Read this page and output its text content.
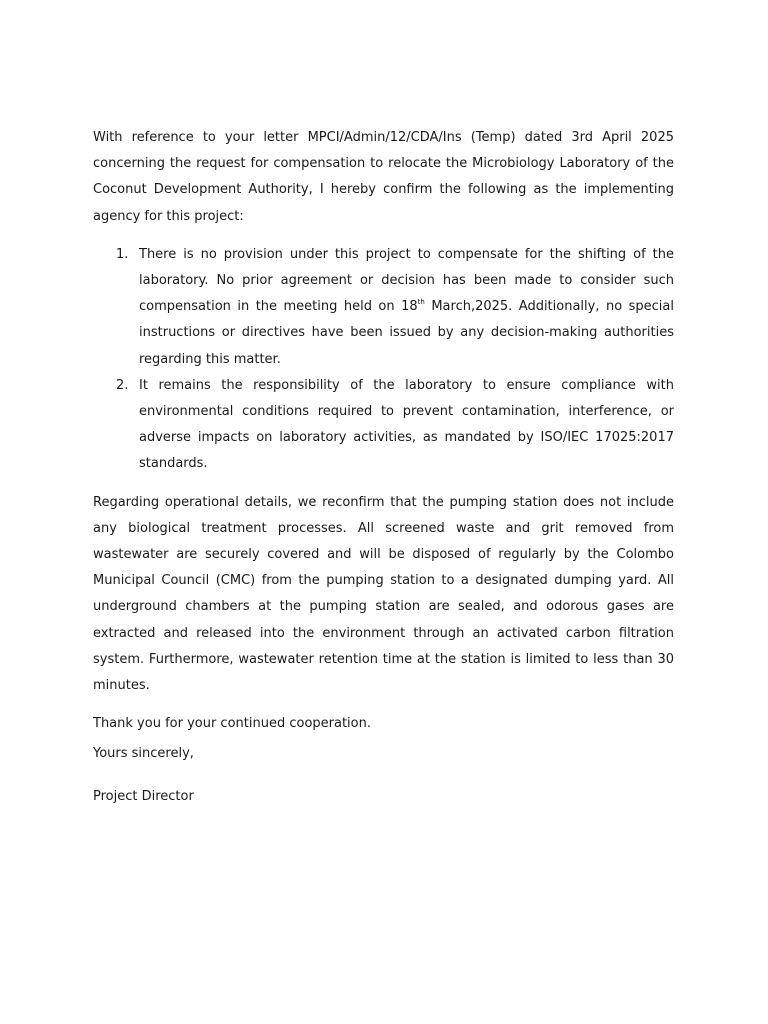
With reference to your letter MPCI/Admin/12/CDA/Ins (Temp) dated 3rd April 2025 concerning the request for compensation to relocate the Microbiology Laboratory of the Coconut Development Authority, I hereby confirm the following as the implementing agency for this project:

1. There is no provision under this project to compensate for the shifting of the laboratory. No prior agreement or decision has been made to consider such compensation in the meeting held on 18th March,2025. Additionally, no special instructions or directives have been issued by any decision-making authorities regarding this matter.
2. It remains the responsibility of the laboratory to ensure compliance with environmental conditions required to prevent contamination, interference, or adverse impacts on laboratory activities, as mandated by ISO/IEC 17025:2017 standards.

Regarding operational details, we reconfirm that the pumping station does not include any biological treatment processes. All screened waste and grit removed from wastewater are securely covered and will be disposed of regularly by the Colombo Municipal Council (CMC) from the pumping station to a designated dumping yard. All underground chambers at the pumping station are sealed, and odorous gases are extracted and released into the environment through an activated carbon filtration system. Furthermore, wastewater retention time at the station is limited to less than 30 minutes.

Thank you for your continued cooperation.

Yours sincerely,

Project Director
